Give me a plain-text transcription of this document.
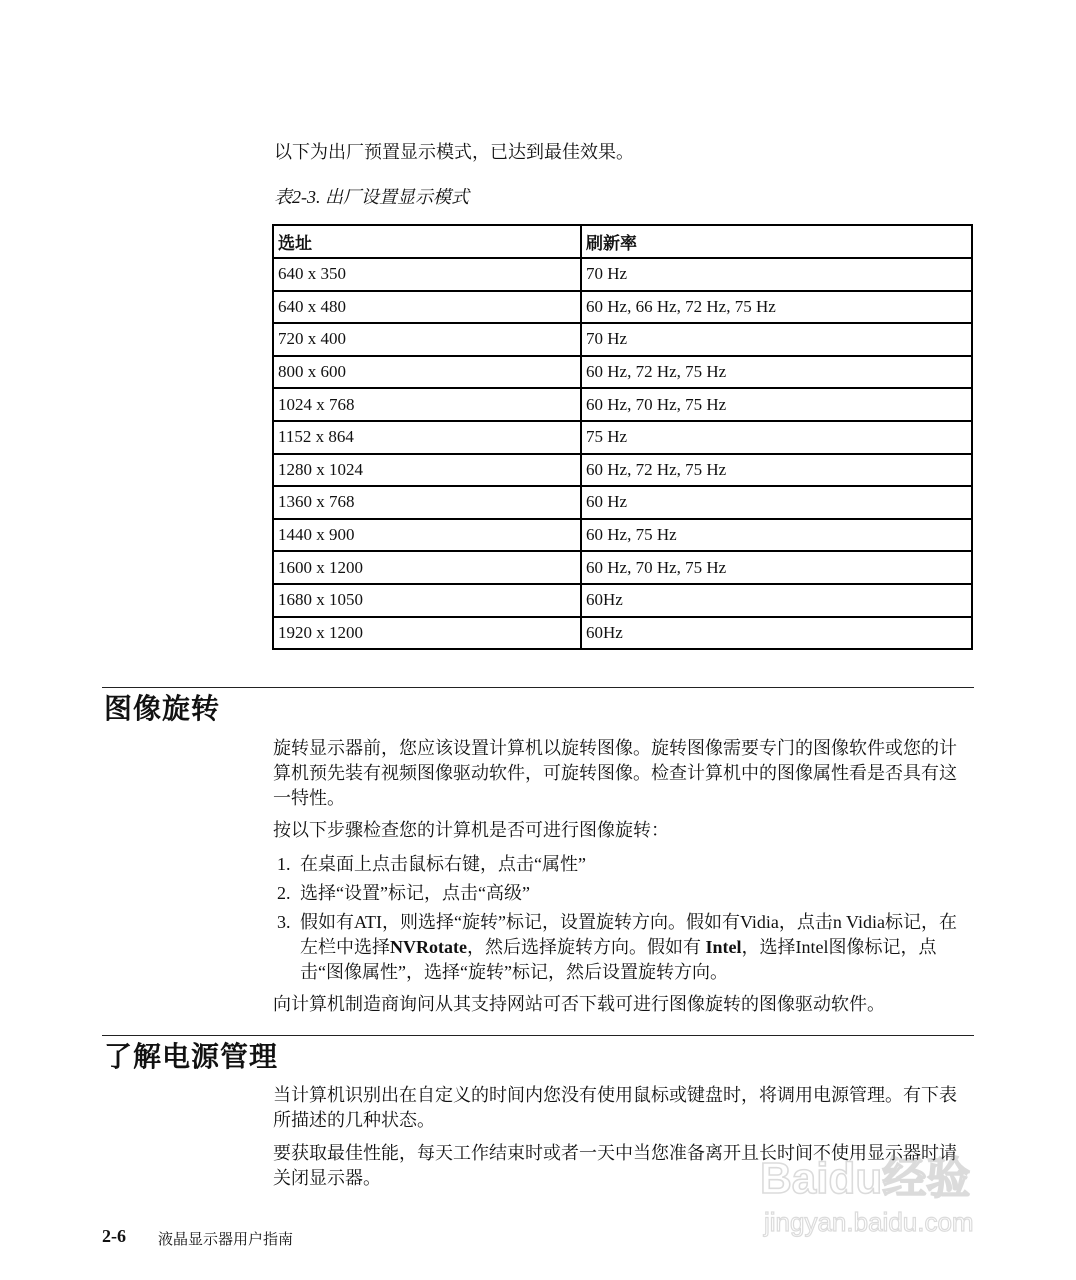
以下为出厂预置显示模式，已达到最佳效果。
表2-3. 出厂设置显示模式
选址	刷新率
640 x 350	70 Hz
640 x 480	60 Hz, 66 Hz, 72 Hz, 75 Hz
720 x 400	70 Hz
800 x 600	60 Hz, 72 Hz, 75 Hz
1024 x 768	60 Hz, 70 Hz, 75 Hz
1152 x 864	75 Hz
1280 x 1024	60 Hz, 72 Hz, 75 Hz
1360 x 768	60 Hz
1440 x 900	60 Hz, 75 Hz
1600 x 1200	60 Hz, 70 Hz, 75 Hz
1680 x 1050	60Hz
1920 x 1200	60Hz
图像旋转
旋转显示器前，您应该设置计算机以旋转图像。旋转图像需要专门的图像软件或您的计算机预先装有视频图像驱动软件，可旋转图像。检查计算机中的图像属性看是否具有这一特性。
按以下步骤检查您的计算机是否可进行图像旋转：
1. 在桌面上点击鼠标右键，点击“属性”
2. 选择“设置”标记，点击“高级”
3. 假如有ATI，则选择“旋转”标记，设置旋转方向。假如有Vidia，点击n Vidia标记，在左栏中选择NVRotate，然后选择旋转方向。假如有 Intel，选择Intel图像标记，点击“图像属性”，选择“旋转”标记，然后设置旋转方向。
向计算机制造商询问从其支持网站可否下载可进行图像旋转的图像驱动软件。
了解电源管理
当计算机识别出在自定义的时间内您没有使用鼠标或键盘时，将调用电源管理。有下表所描述的几种状态。
要获取最佳性能，每天工作结束时或者一天中当您准备离开且长时间不使用显示器时请关闭显示器。
2-6 液晶显示器用户指南
Baidu经验
jingyan.baidu.com
